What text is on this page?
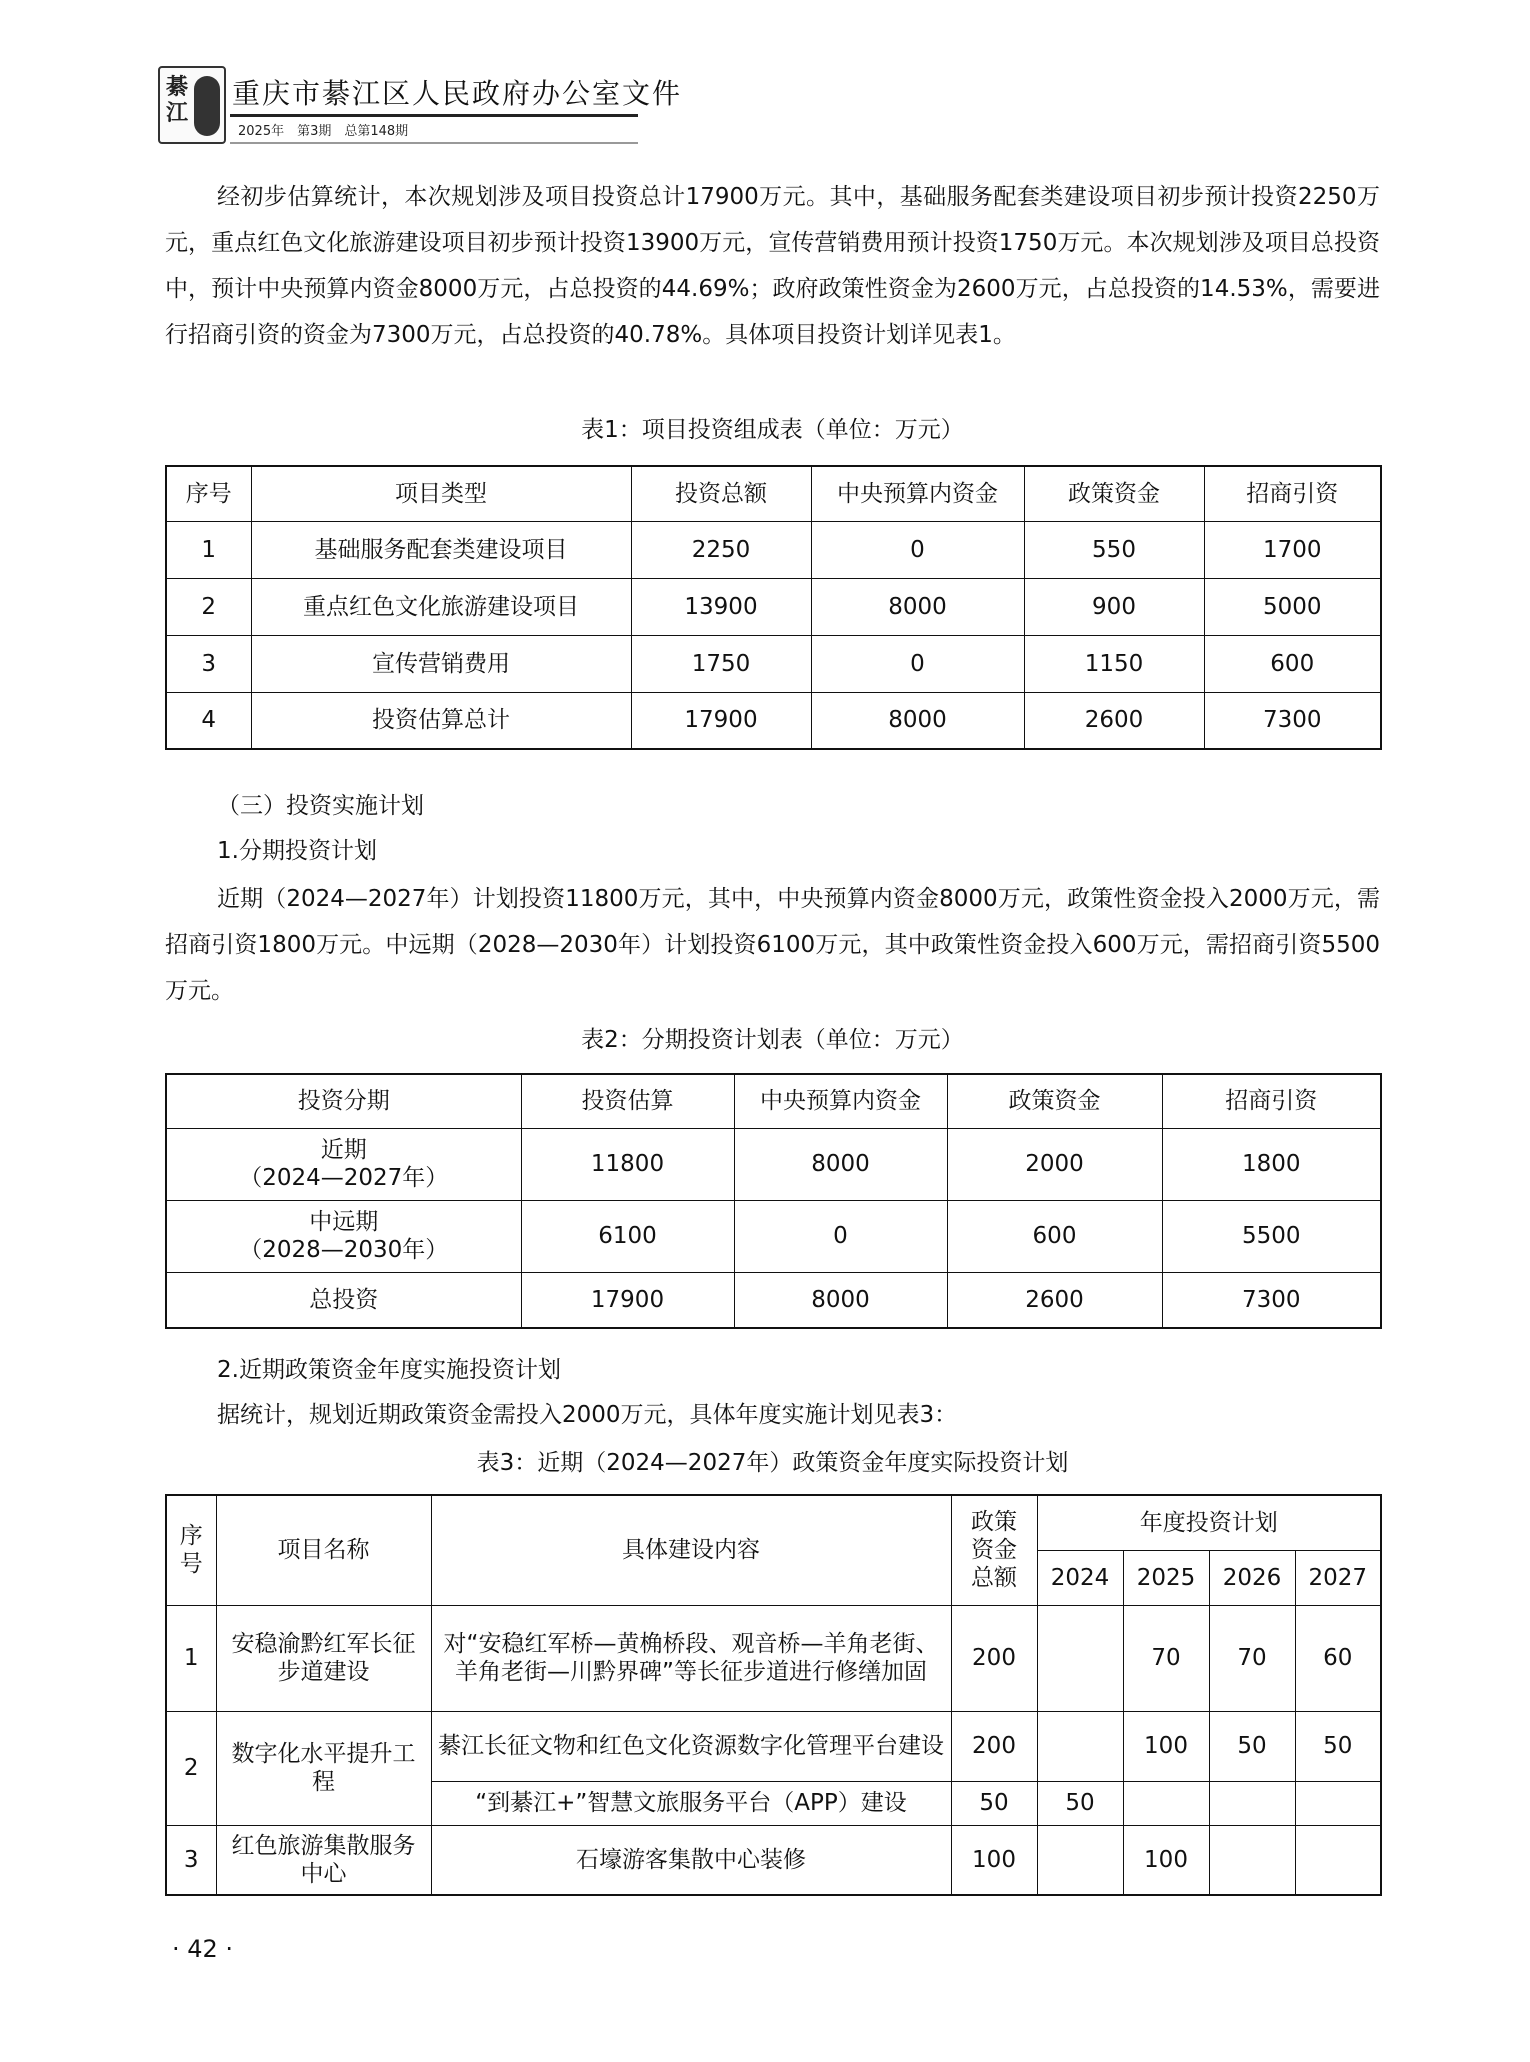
綦江
重庆市綦江区人民政府办公室文件
2025年　第3期　总第148期
经初步估算统计，本次规划涉及项目投资总计17900万元。其中，基础服务配套类建设项目初步预计投资2250万元，重点红色文化旅游建设项目初步预计投资13900万元，宣传营销费用预计投资1750万元。本次规划涉及项目总投资中，预计中央预算内资金8000万元，占总投资的44.69%；政府政策性资金为2600万元，占总投资的14.53%，需要进行招商引资的资金为7300万元，占总投资的40.78%。具体项目投资计划详见表1。
表1：项目投资组成表（单位：万元）
序号	项目类型	投资总额	中央预算内资金	政策资金	招商引资
1	基础服务配套类建设项目	2250	0	550	1700
2	重点红色文化旅游建设项目	13900	8000	900	5000
3	宣传营销费用	1750	0	1150	600
4	投资估算总计	17900	8000	2600	7300
（三）投资实施计划
1.分期投资计划
近期（2024—2027年）计划投资11800万元，其中，中央预算内资金8000万元，政策性资金投入2000万元，需招商引资1800万元。中远期（2028—2030年）计划投资6100万元，其中政策性资金投入600万元，需招商引资5500万元。
表2：分期投资计划表（单位：万元）
投资分期	投资估算	中央预算内资金	政策资金	招商引资

近期
（2024—2027年）	11800	8000	2000	1800

中远期
（2028—2030年）	6100	0	600	5500
总投资	17900	8000	2600	7300
2.近期政策资金年度实施投资计划
据统计，规划近期政策资金需投入2000万元，具体年度实施计划见表3：
表3：近期（2024—2027年）政策资金年度实际投资计划
序号	项目名称	具体建设内容	政策资金总额	年度投资计划			
				2024	2025	2026	2027
1	安稳渝黔红军长征步道建设	对“安稳红军桥—黄桷桥段、观音桥—羊角老街、羊角老街—川黔界碑”等长征步道进行修缮加固	200		70	70	60
2	数字化水平提升工程	綦江长征文物和红色文化资源数字化管理平台建设	200		100	50	50
		“到綦江+”智慧文旅服务平台（APP）建设	50	50			
3	红色旅游集散服务中心	石壕游客集散中心装修	100		100		
· 42 ·
